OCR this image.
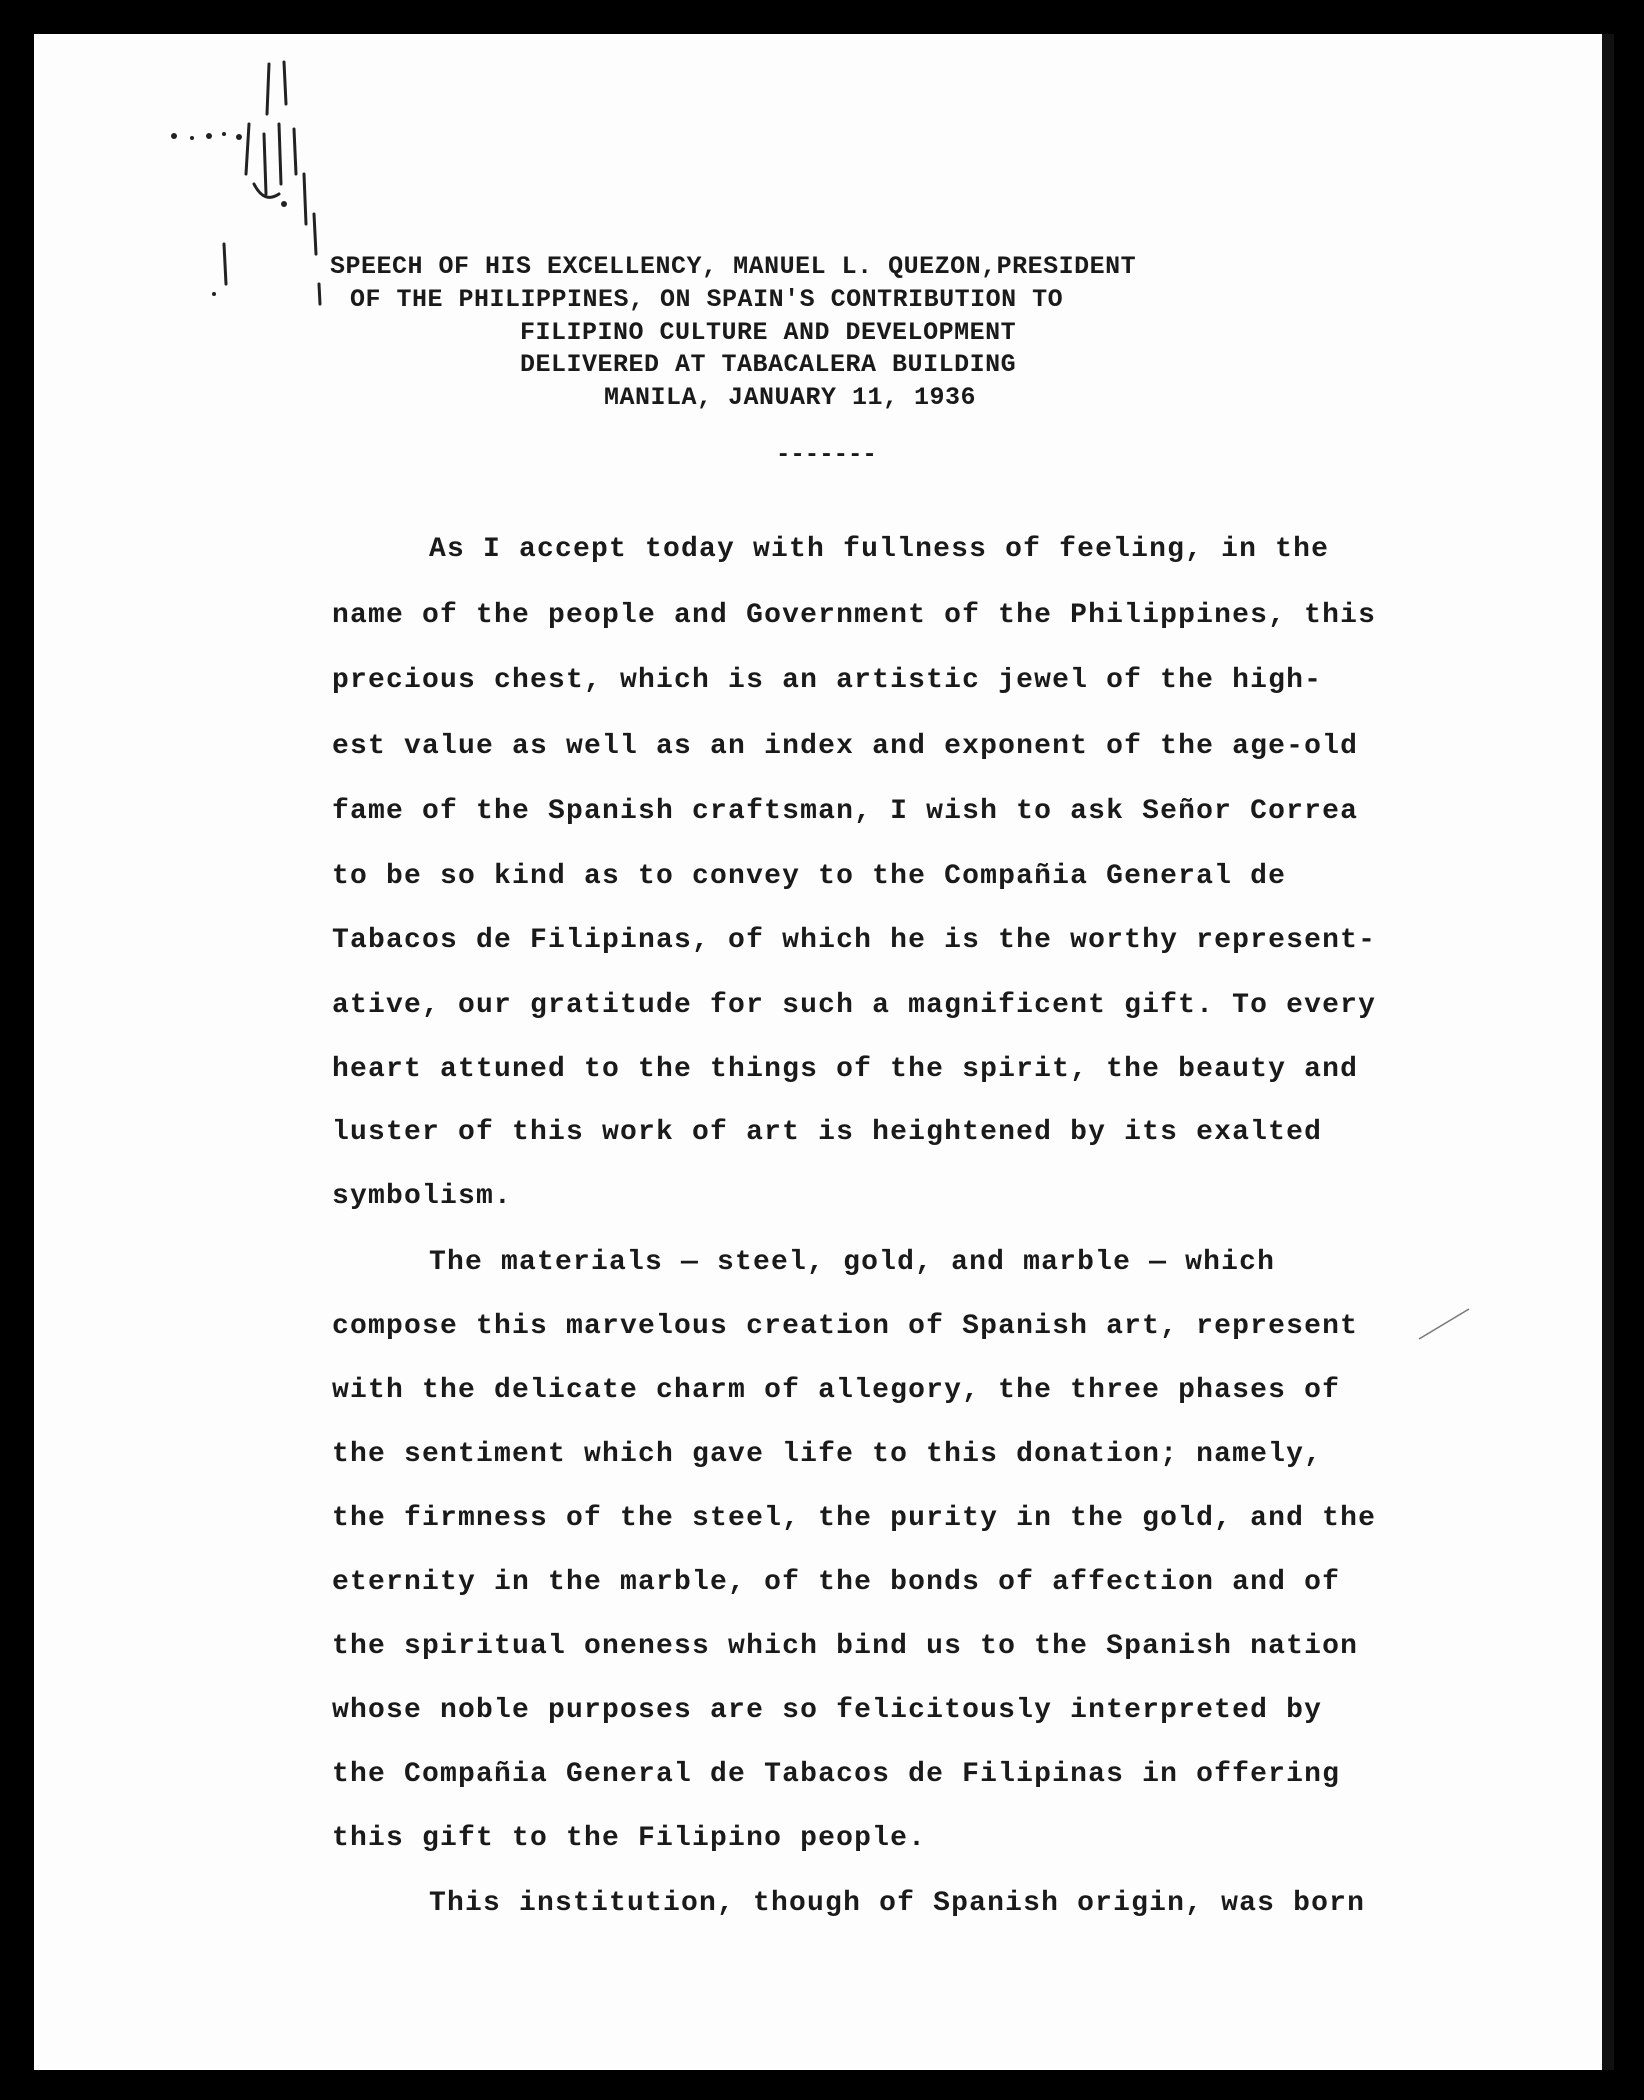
SPEECH OF HIS EXCELLENCY, MANUEL L. QUEZON,PRESIDENT
OF THE PHILIPPINES, ON SPAIN'S CONTRIBUTION TO
FILIPINO CULTURE AND DEVELOPMENT
DELIVERED AT TABACALERA BUILDING
MANILA, JANUARY 11, 1936
-------
As I accept today with fullness of feeling, in the
name of the people and Government of the Philippines, this
precious chest, which is an artistic jewel of the high-
est value as well as an index and exponent of the age-old
fame of the Spanish craftsman, I wish to ask Señor Correa
to be so kind as to convey to the Compañia General de
Tabacos de Filipinas, of which he is the worthy represent-
ative, our gratitude for such a magnificent gift. To every
heart attuned to the things of the spirit, the beauty and
luster of this work of art is heightened by its exalted
symbolism.
The materials — steel, gold, and marble — which
compose this marvelous creation of Spanish art, represent
with the delicate charm of allegory, the three phases of
the sentiment which gave life to this donation; namely,
the firmness of the steel, the purity in the gold, and the
eternity in the marble, of the bonds of affection and of
the spiritual oneness which bind us to the Spanish nation
whose noble purposes are so felicitously interpreted by
the Compañia General de Tabacos de Filipinas in offering
this gift to the Filipino people.
This institution, though of Spanish origin, was born
